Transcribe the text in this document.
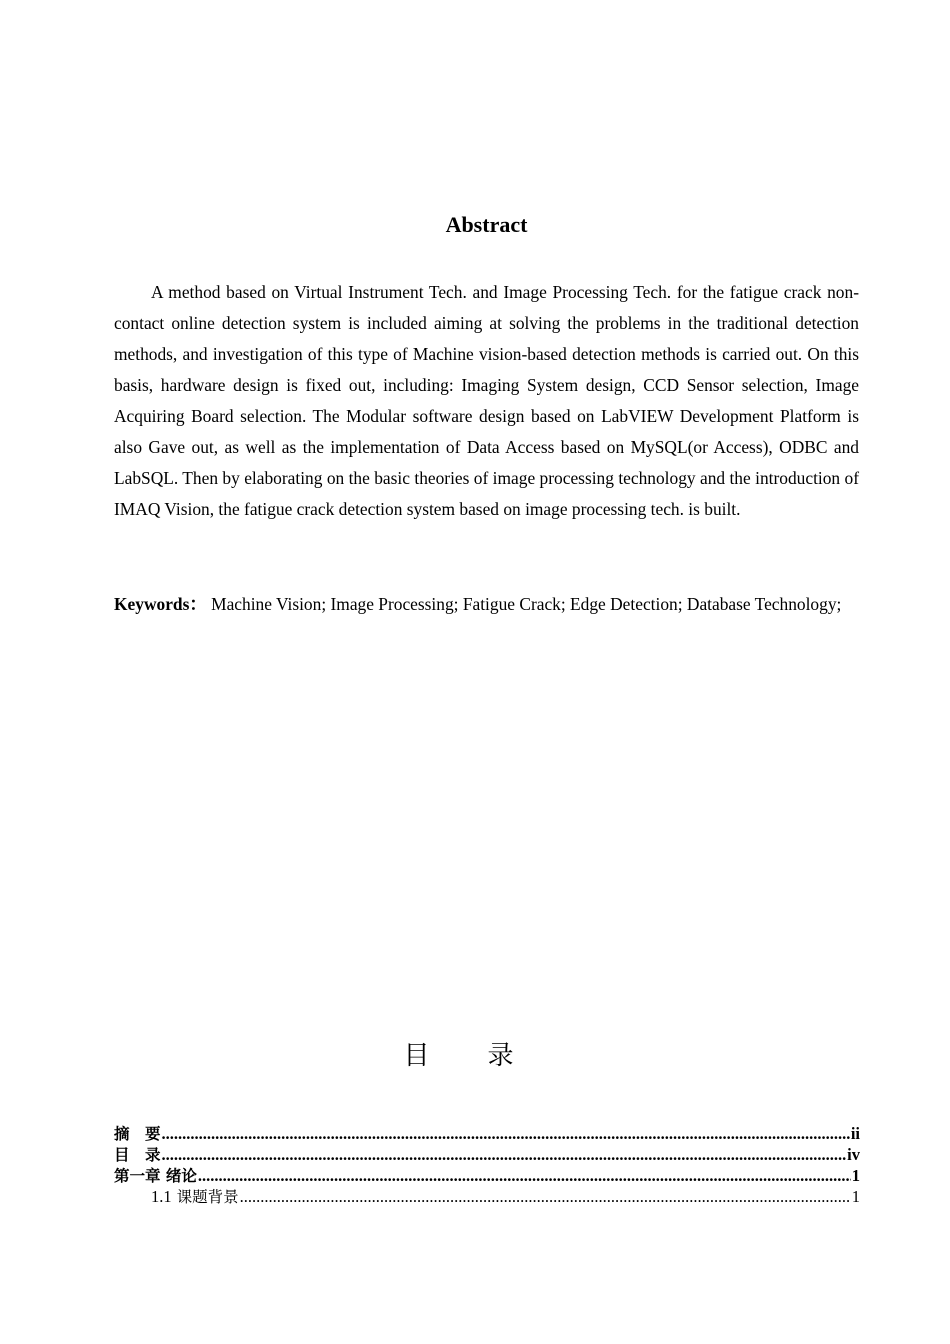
Abstract

A method based on Virtual Instrument Tech. and Image Processing Tech. for the fatigue crack non-contact online detection system is included aiming at solving the problems in the traditional detection methods, and investigation of this type of Machine vision-based detection methods is carried out. On this basis, hardware design is fixed out, including: Imaging System design, CCD Sensor selection, Image Acquiring Board selection. The Modular software design based on LabVIEW Development Platform is also Gave out, as well as the implementation of Data Access based on MySQL(or Access), ODBC and LabSQL. Then by elaborating on the basic theories of image processing technology and the introduction of IMAQ Vision, the fatigue crack detection system based on image processing tech. is built.

Keywords： Machine Vision; Image Processing; Fatigue Crack; Edge Detection; Database Technology;

目录
摘　要 .....	ii
目　录 .....	iv
第一章 绪论 .....	1
1.1 课题背景 .....	1
